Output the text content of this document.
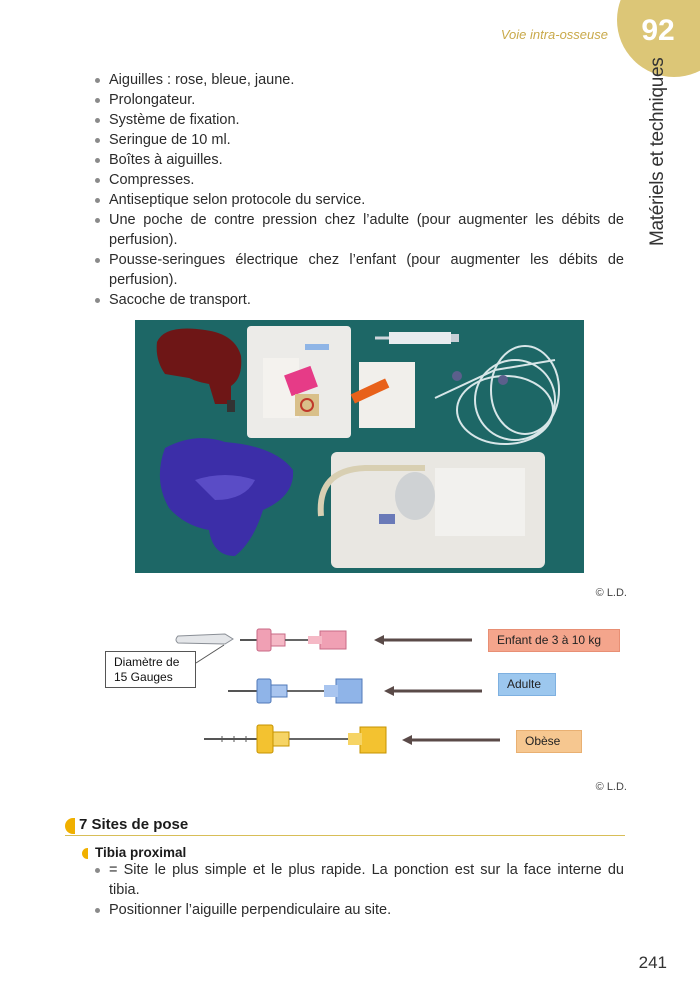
92
Voie intra-osseuse
Matériels et techniques
Aiguilles : rose, bleue, jaune.
Prolongateur.
Système de fixation.
Seringue de 10 ml.
Boîtes à aiguilles.
Compresses.
Antiseptique selon protocole du service.
Une poche de contre pression chez l’adulte (pour augmenter les débits de perfusion).
Pousse-seringues électrique chez l’enfant (pour augmenter les débits de perfusion).
Sacoche de transport.
© L.D.
Diamètre de
15 Gauges
Enfant de 3 à 10 kg
Adulte
Obèse
© L.D.
7 Sites de pose
Tibia proximal
= Site le plus simple et le plus rapide. La ponction est sur la face interne du tibia.
Positionner l’aiguille perpendiculaire au site.
241
